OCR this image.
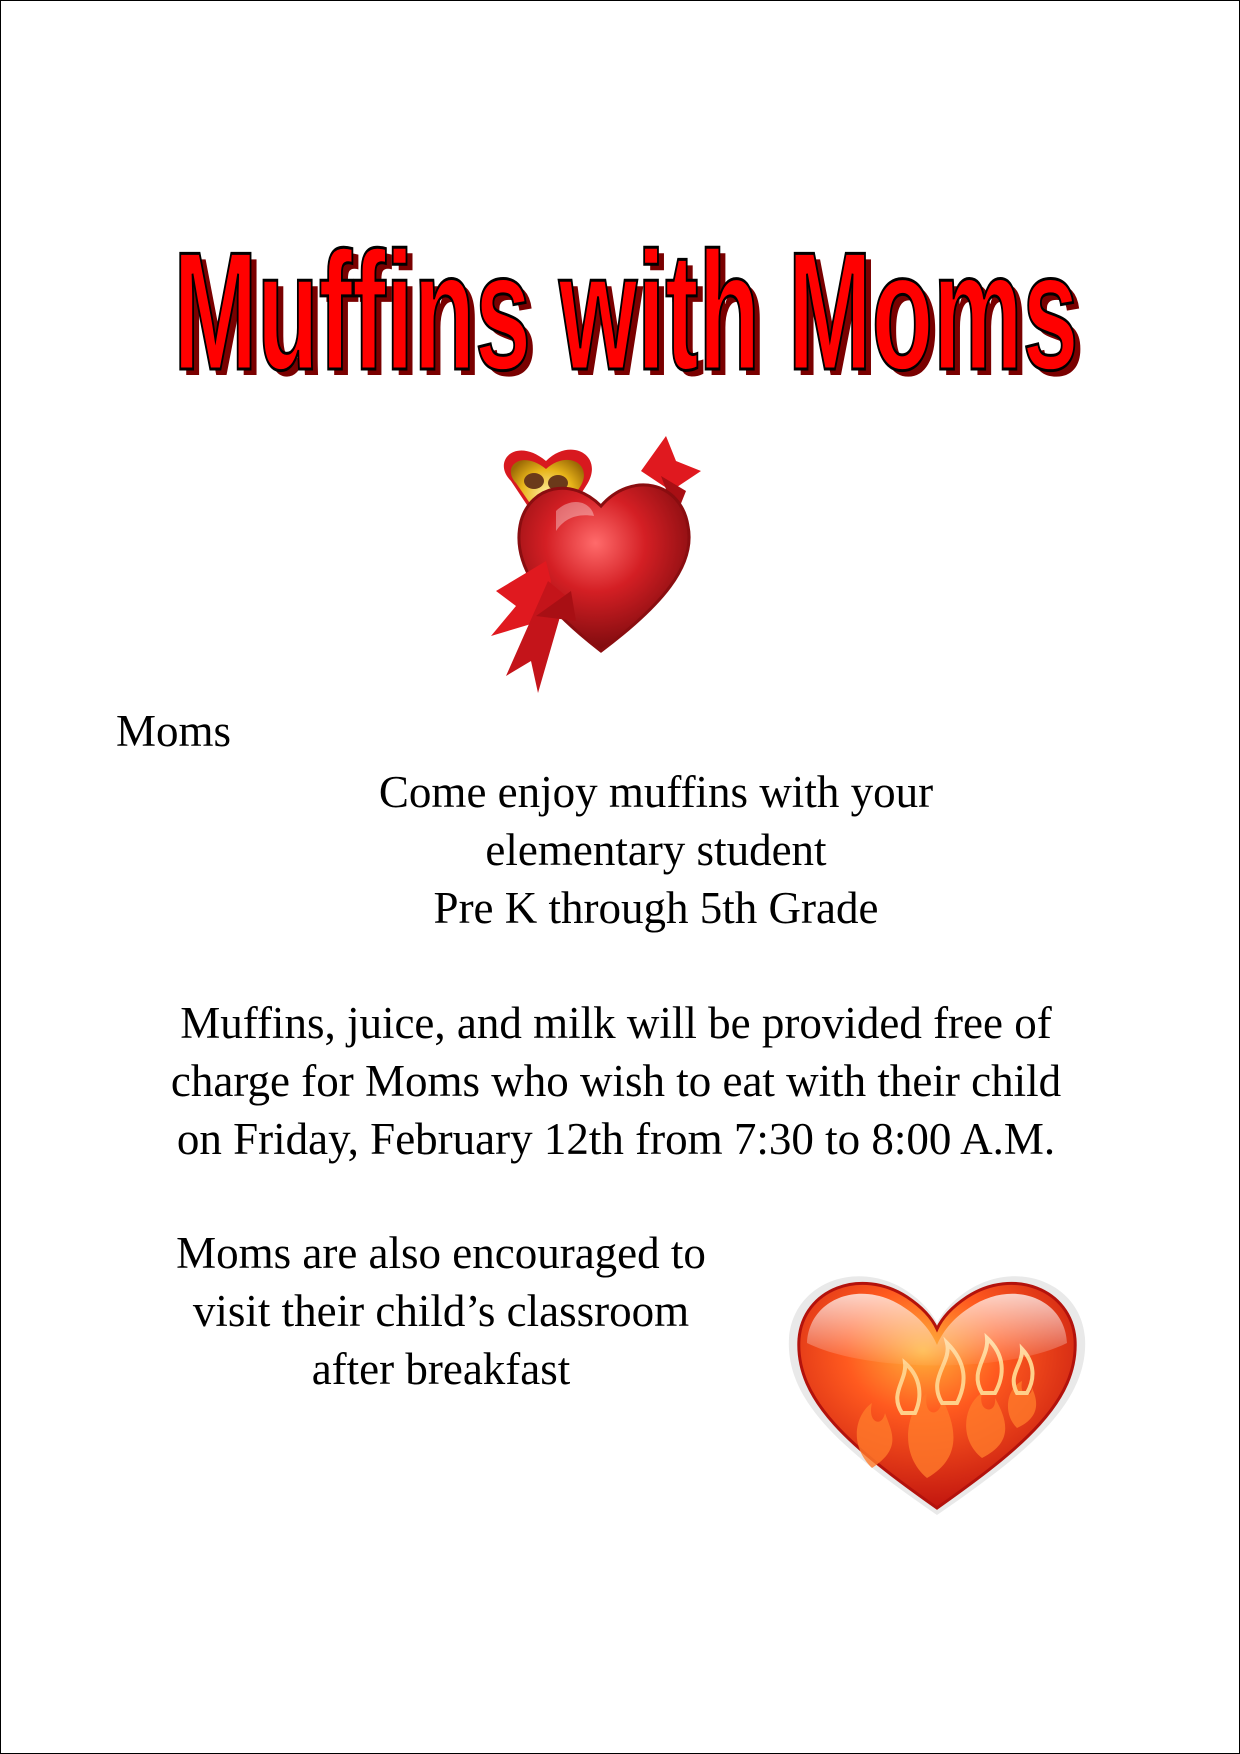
Muffins with Moms
Muffins with Moms

Moms

Come enjoy muffins with your
elementary student
Pre K through 5th Grade
Muffins, juice, and milk will be provided free of
charge for Moms who wish to eat with their child
on Friday, February 12th from 7:30 to 8:00 A.M.
Moms are also encouraged to
visit their child’s classroom
after breakfast
